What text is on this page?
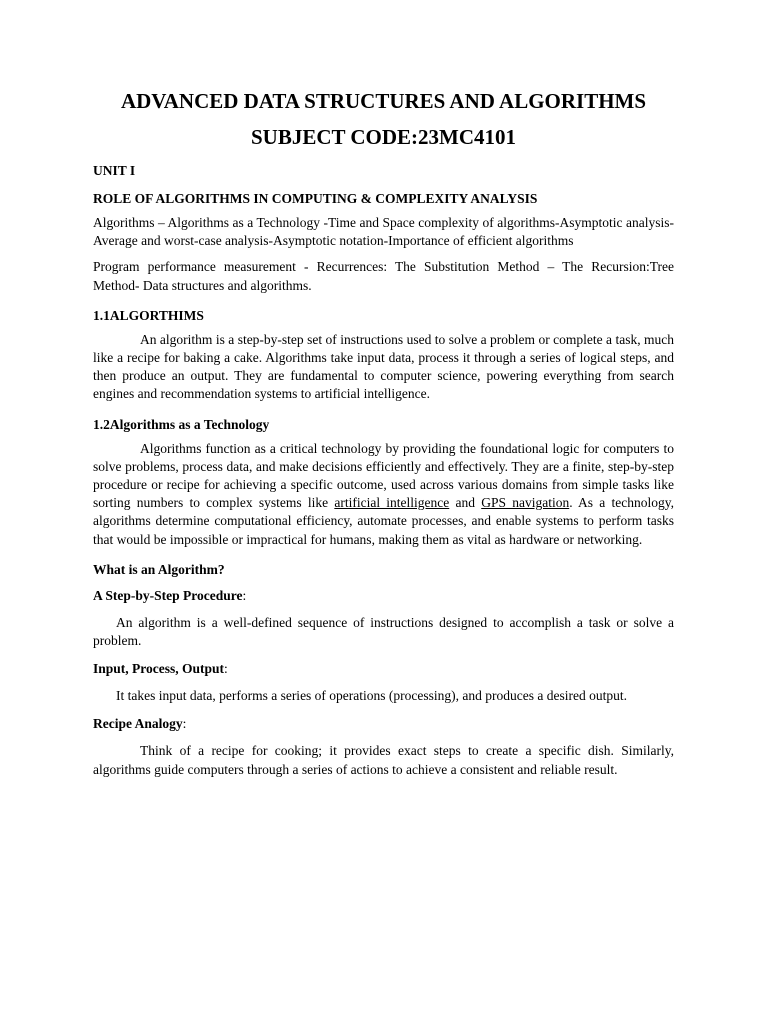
ADVANCED DATA STRUCTURES AND ALGORITHMS
SUBJECT CODE:23MC4101

UNIT I

ROLE OF ALGORITHMS IN COMPUTING & COMPLEXITY ANALYSIS

Algorithms – Algorithms as a Technology -Time and Space complexity of algorithms-Asymptotic analysis-Average and worst-case analysis-Asymptotic notation-Importance of efficient algorithms

Program performance measurement - Recurrences: The Substitution Method – The Recursion:Tree Method- Data structures and algorithms.

1.1ALGORTHIMS

An algorithm is a step-by-step set of instructions used to solve a problem or complete a task, much like a recipe for baking a cake. Algorithms take input data, process it through a series of logical steps, and then produce an output. They are fundamental to computer science, powering everything from search engines and recommendation systems to artificial intelligence.

1.2Algorithms as a Technology

Algorithms function as a critical technology by providing the foundational logic for computers to solve problems, process data, and make decisions efficiently and effectively. They are a finite, step-by-step procedure or recipe for achieving a specific outcome, used across various domains from simple tasks like sorting numbers to complex systems like artificial intelligence and GPS navigation. As a technology, algorithms determine computational efficiency, automate processes, and enable systems to perform tasks that would be impossible or impractical for humans, making them as vital as hardware or networking.

What is an Algorithm?

A Step-by-Step Procedure:

An algorithm is a well-defined sequence of instructions designed to accomplish a task or solve a problem.

Input, Process, Output:

It takes input data, performs a series of operations (processing), and produces a desired output.

Recipe Analogy:

Think of a recipe for cooking; it provides exact steps to create a specific dish. Similarly, algorithms guide computers through a series of actions to achieve a consistent and reliable result.
